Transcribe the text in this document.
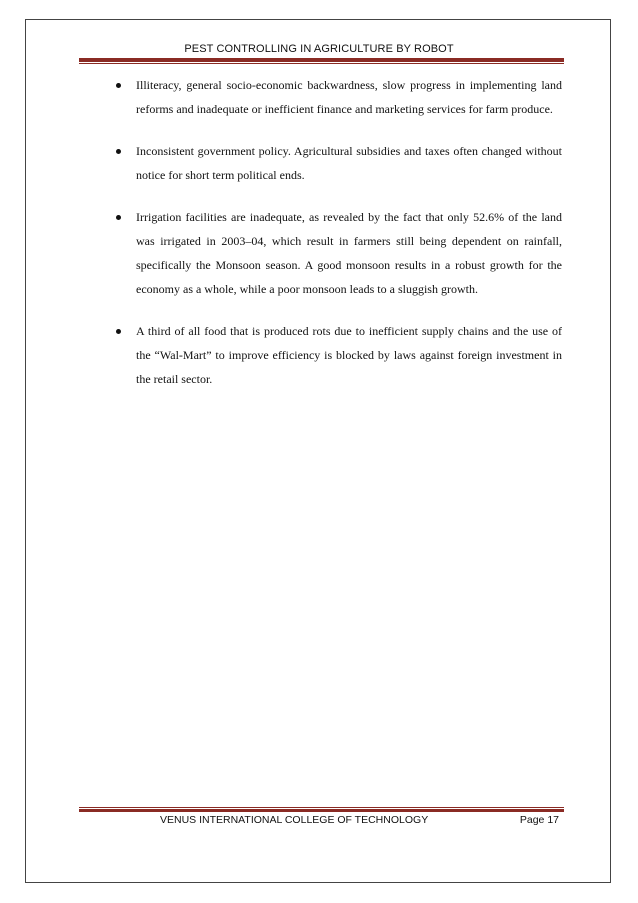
PEST CONTROLLING IN AGRICULTURE BY ROBOT
Illiteracy, general socio-economic backwardness, slow progress in implementing land reforms and inadequate or inefficient finance and marketing services for farm produce.
Inconsistent government policy. Agricultural subsidies and taxes often changed without notice for short term political ends.
Irrigation facilities are inadequate, as revealed by the fact that only 52.6% of the land was irrigated in 2003–04, which result in farmers still being dependent on rainfall, specifically the Monsoon season. A good monsoon results in a robust growth for the economy as a whole, while a poor monsoon leads to a sluggish growth.
A third of all food that is produced rots due to inefficient supply chains and the use of the “Wal-Mart” to improve efficiency is blocked by laws against foreign investment in the retail sector.
VENUS INTERNATIONAL COLLEGE OF TECHNOLOGY	Page 17
